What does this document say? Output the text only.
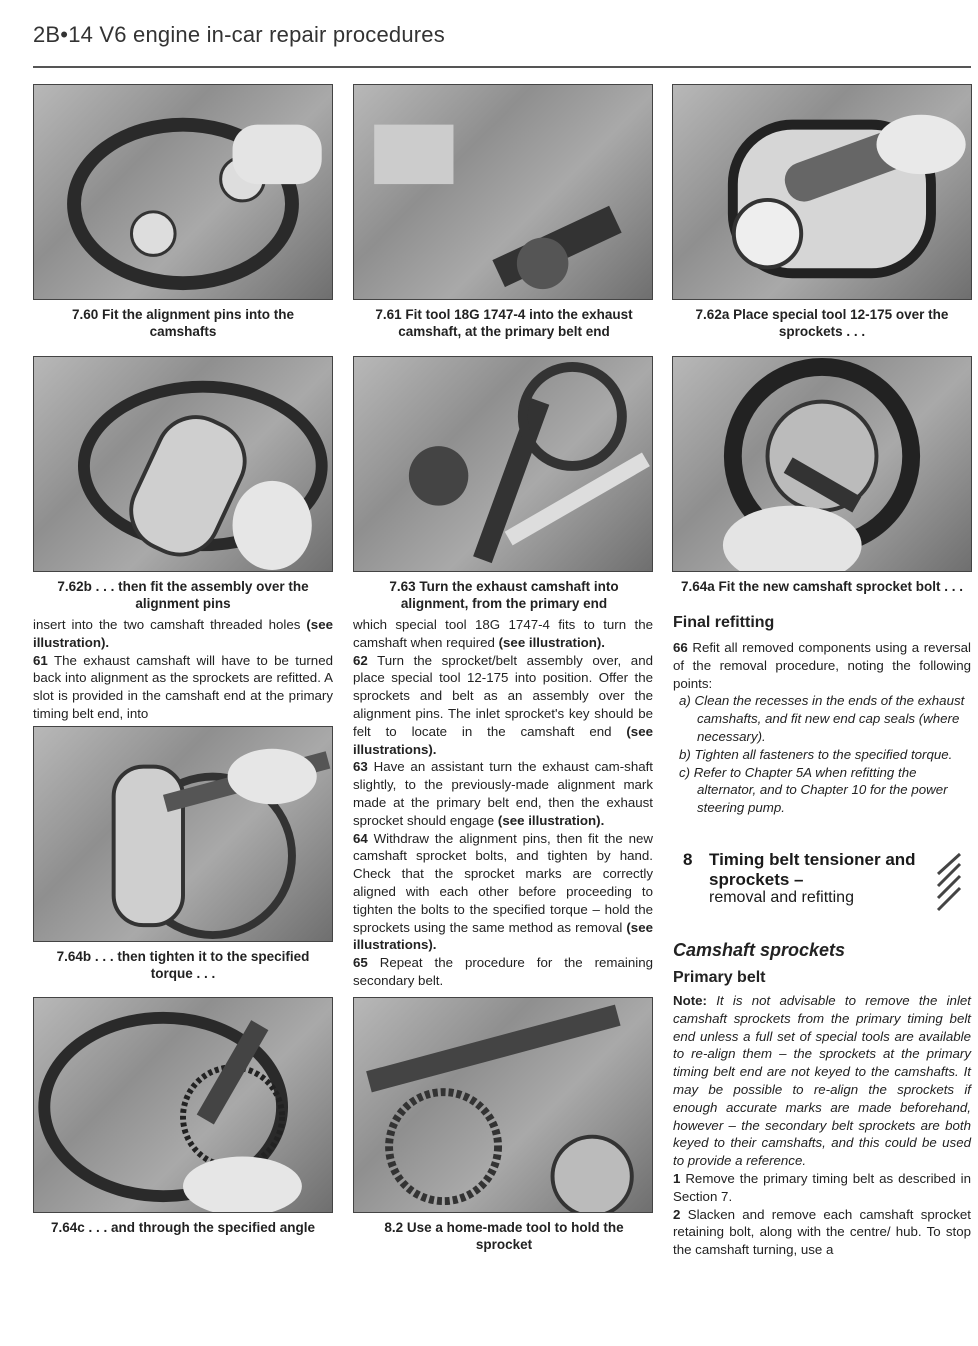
2B•14 V6 engine in-car repair procedures
7.60 Fit the alignment pins into the camshafts
7.61 Fit tool 18G 1747-4 into the exhaust camshaft, at the primary belt end
7.62a Place special tool 12-175 over the sprockets . . .
7.62b . . . then fit the assembly over the alignment pins
7.63 Turn the exhaust camshaft into alignment, from the primary end
7.64a Fit the new camshaft sprocket bolt . . .

insert into the two camshaft threaded holes (see illustration).

61 The exhaust camshaft will have to be turned back into alignment as the sprockets are refitted. A slot is provided in the camshaft end at the primary timing belt end, into

7.64b . . . then tighten it to the specified torque . . .
7.64c . . . and through the specified angle

which special tool 18G 1747-4 fits to turn the camshaft when required (see illustration).

62 Turn the sprocket/belt assembly over, and place special tool 12-175 into position. Offer the sprockets and belt as an assembly over the alignment pins. The inlet sprocket's key should be felt to locate in the camshaft end (see illustrations).

63 Have an assistant turn the exhaust cam-shaft slightly, to the previously-made alignment mark made at the primary belt end, then the exhaust sprocket should engage (see illustration).

64 Withdraw the alignment pins, then fit the new camshaft sprocket bolts, and tighten by hand. Check that the sprocket marks are correctly aligned with each other before proceeding to tighten the bolts to the specified torque – hold the sprockets using the same method as removal (see illustrations).

65 Repeat the procedure for the remaining secondary belt.

8.2 Use a home-made tool to hold the sprocket
Final refitting

66 Refit all removed components using a reversal of the removal procedure, noting the following points:

a) Clean the recesses in the ends of the exhaust camshafts, and fit new end cap seals (where necessary).
b) Tighten all fasteners to the specified torque.
c) Refer to Chapter 5A when refitting the alternator, and to Chapter 10 for the power steering pump.
8 Timing belt tensioner and sprockets –
removal and refitting
Camshaft sprockets
Primary belt

Note: It is not advisable to remove the inlet camshaft sprockets from the primary timing belt end unless a full set of special tools are available to re-align them – the sprockets at the primary timing belt end are not keyed to the camshafts. It may be possible to re-align the sprockets if enough accurate marks are made beforehand, however – the secondary belt sprockets are both keyed to their camshafts, and this could be used to provide a reference.

1 Remove the primary timing belt as described in Section 7.

2 Slacken and remove each camshaft sprocket retaining bolt, along with the centre/ hub. To stop the camshaft turning, use a
